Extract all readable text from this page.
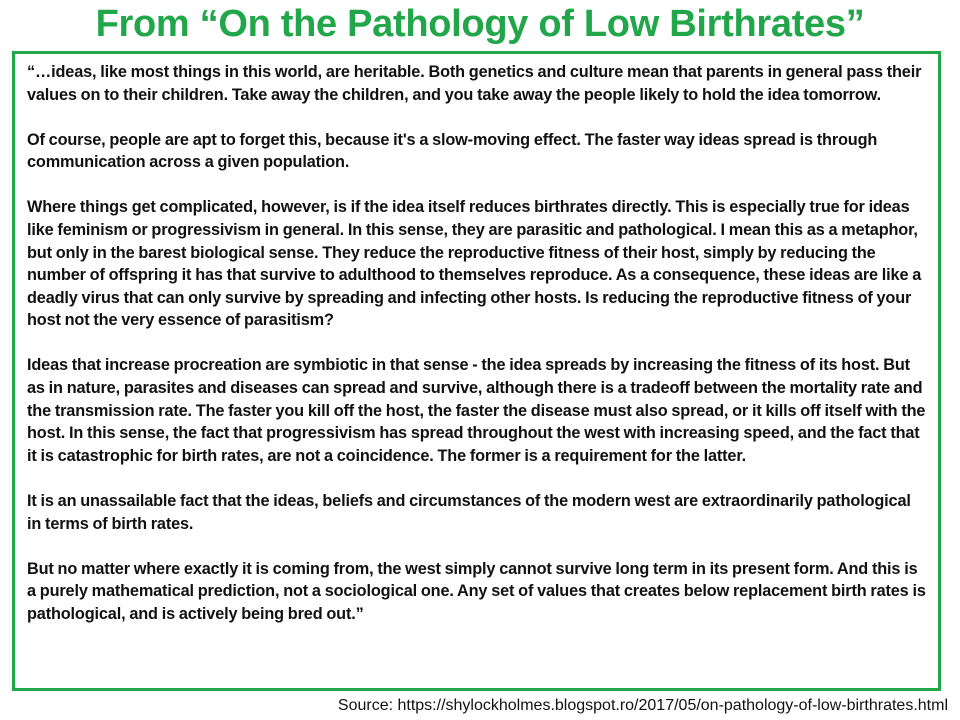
From “On the Pathology of Low Birthrates”

“…ideas, like most things in this world, are heritable. Both genetics and culture mean that parents in general pass their values on to their children. Take away the children, and you take away the people likely to hold the idea tomorrow.

Of course, people are apt to forget this, because it's a slow-moving effect. The faster way ideas spread is through communication across a given population.

Where things get complicated, however, is if the idea itself reduces birthrates directly. This is especially true for ideas like feminism or progressivism in general. In this sense, they are parasitic and pathological. I mean this as a metaphor, but only in the barest biological sense. They reduce the reproductive fitness of their host, simply by reducing the number of offspring it has that survive to adulthood to themselves reproduce. As a consequence, these ideas are like a deadly virus that can only survive by spreading and infecting other hosts. Is reducing the reproductive fitness of your host not the very essence of parasitism?

Ideas that increase procreation are symbiotic in that sense - the idea spreads by increasing the fitness of its host. But as in nature, parasites and diseases can spread and survive, although there is a tradeoff between the mortality rate and the transmission rate. The faster you kill off the host, the faster the disease must also spread, or it kills off itself with the host. In this sense, the fact that progressivism has spread throughout the west with increasing speed, and the fact that it is catastrophic for birth rates, are not a coincidence. The former is a requirement for the latter.

It is an unassailable fact that the ideas, beliefs and circumstances of the modern west are extraordinarily pathological in terms of birth rates.

But no matter where exactly it is coming from, the west simply cannot survive long term in its present form. And this is a purely mathematical prediction, not a sociological one. Any set of values that creates below replacement birth rates is pathological, and is actively being bred out.”

Source: https://shylockholmes.blogspot.ro/2017/05/on-pathology-of-low-birthrates.html
